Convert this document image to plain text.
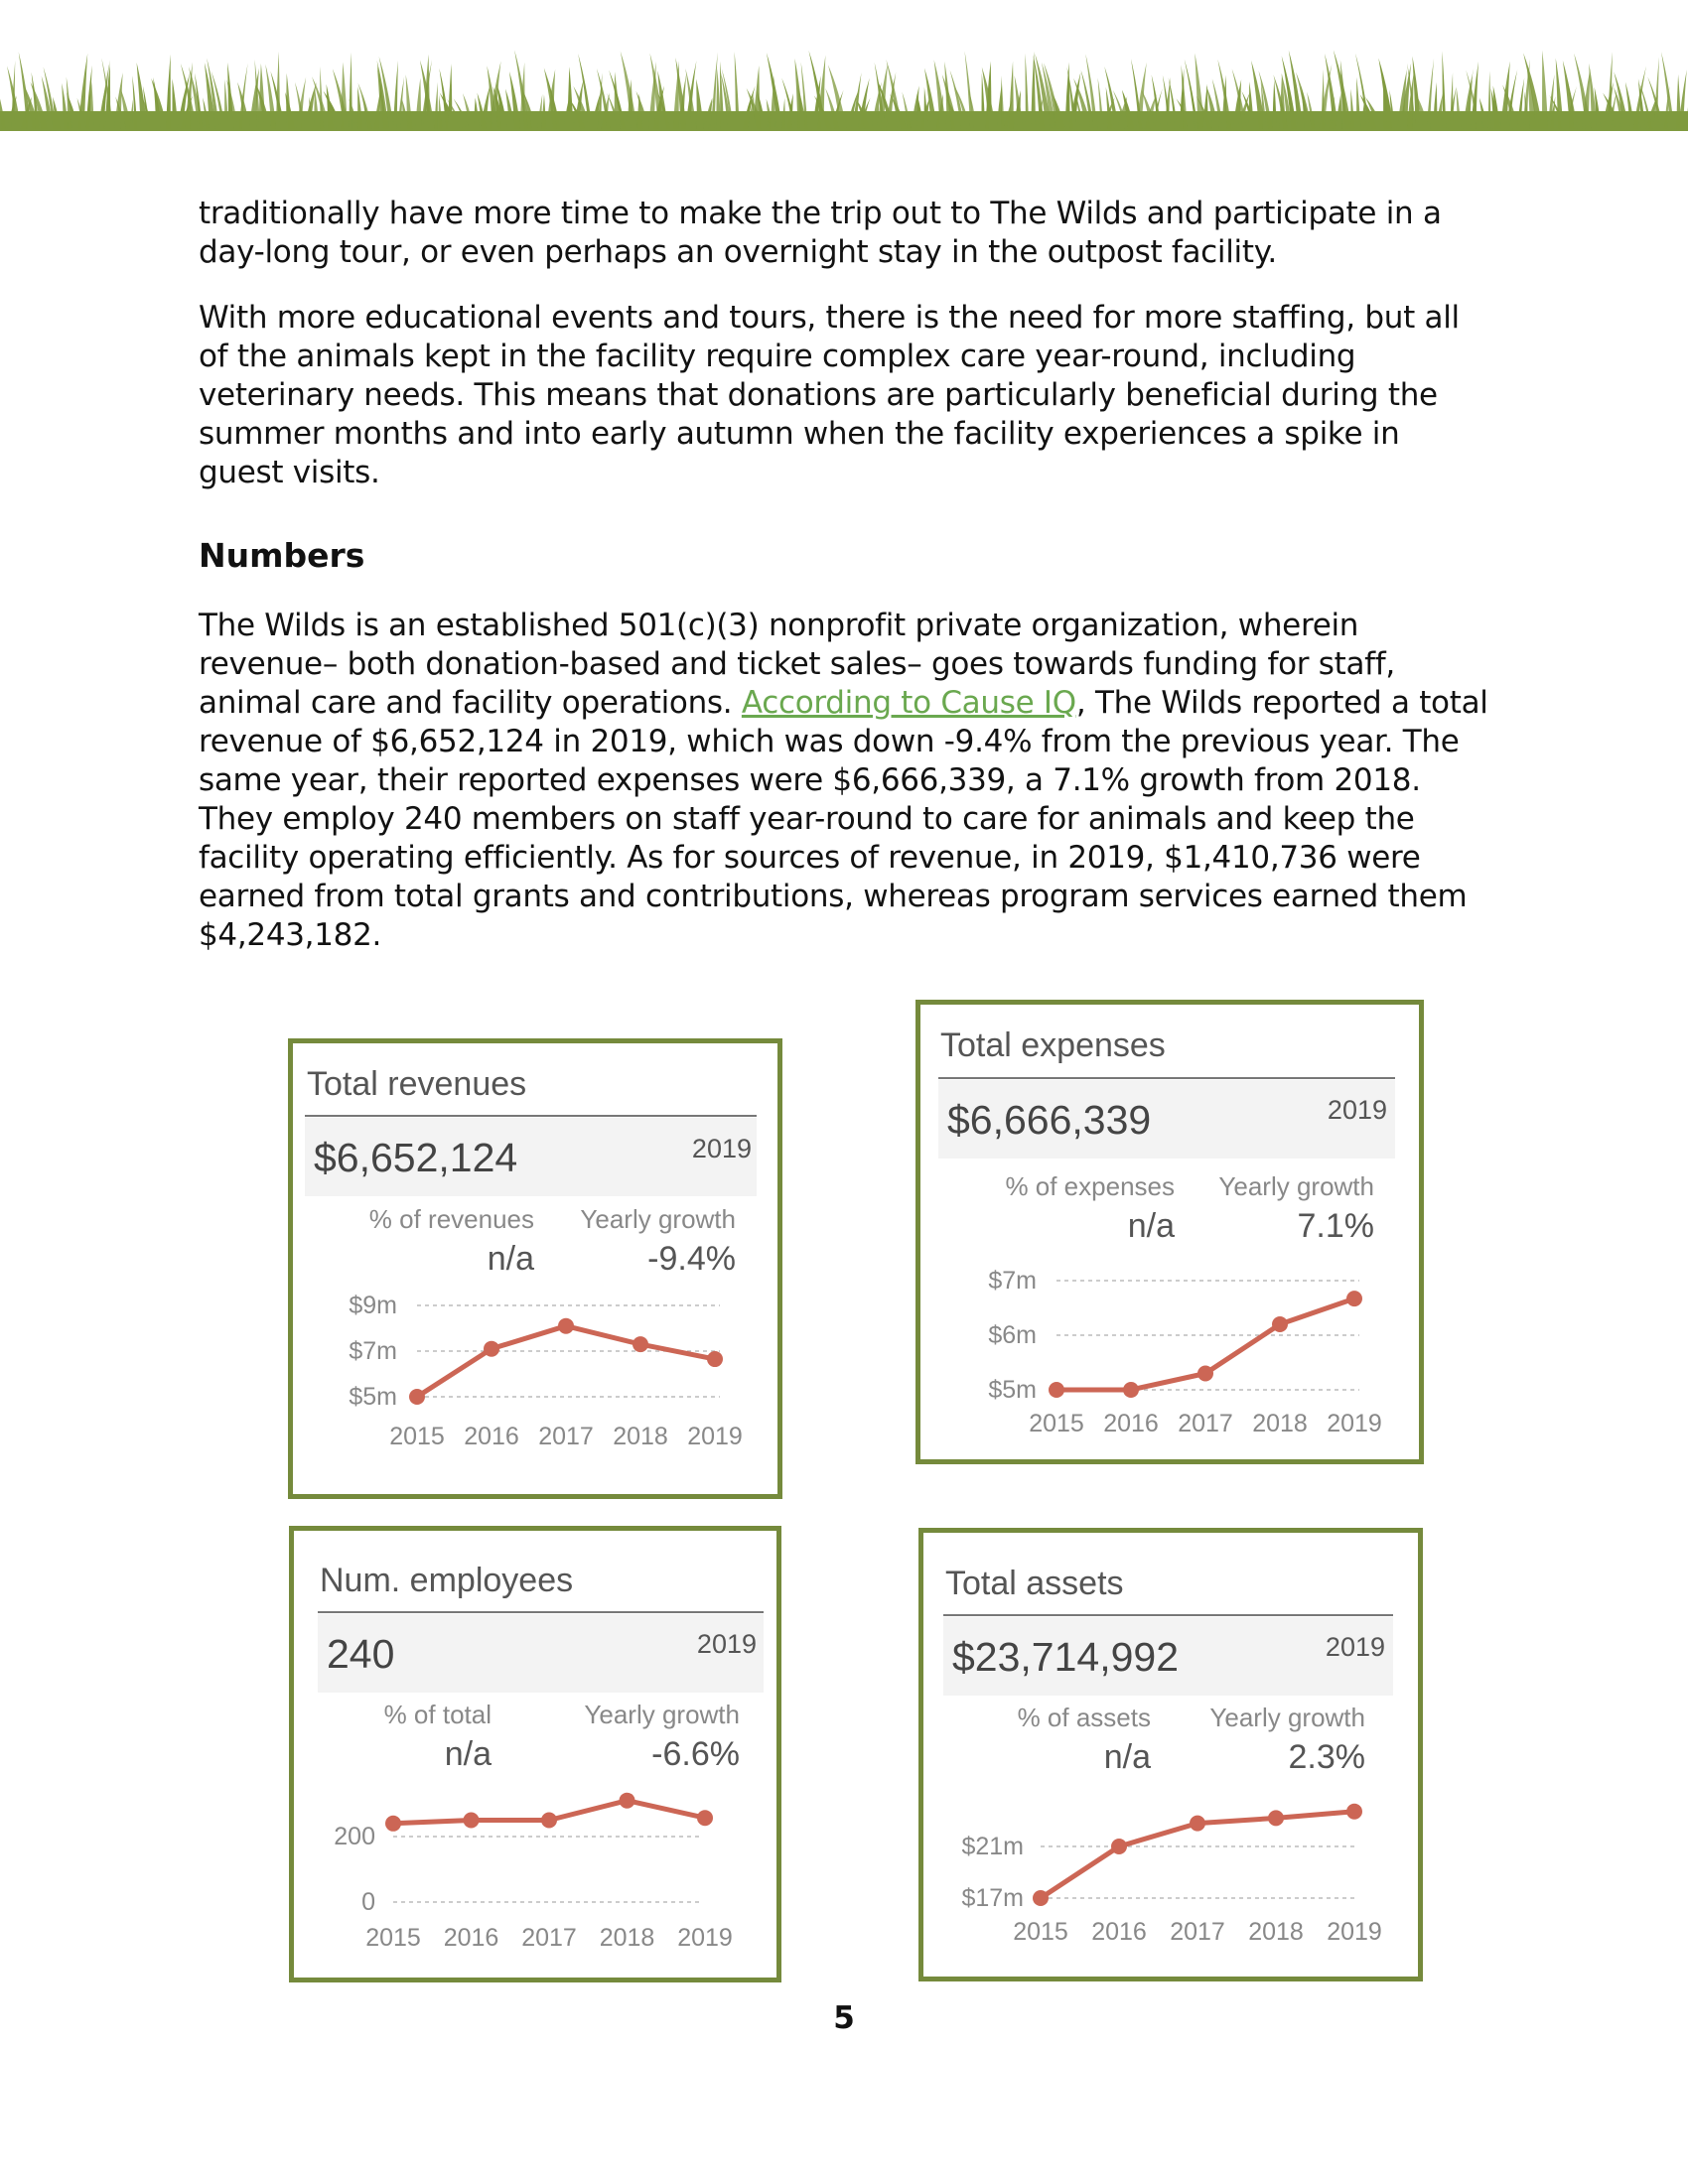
traditionally have more time to make the trip out to The Wilds and participate in a day-long tour, or even perhaps an overnight stay in the outpost facility.

With more educational events and tours, there is the need for more staffing, but all of the animals kept in the facility require complex care year-round, including veterinary needs. This means that donations are particularly beneficial during the summer months and into early autumn when the facility experiences a spike in guest visits.

Numbers

The Wilds is an established 501(c)(3) nonprofit private organization, wherein revenue– both donation-based and ticket sales– goes towards funding for staff, animal care and facility operations. According to Cause IQ, The Wilds reported a total revenue of $6,652,124 in 2019, which was down -9.4% from the previous year. The same year, their reported expenses were $6,666,339, a 7.1% growth from 2018. They employ 240 members on staff year-round to care for animals and keep the facility operating efficiently. As for sources of revenue, in 2019, $1,410,736 were earned from total grants and contributions, whereas program services earned them $4,243,182.

Total revenues
$6,652,124	2019
% of revenues Yearly growth
n/a	-9.4%
$9m
$7m
$5m
2015 2016 2017 2018 2019
Total expenses
$6,666,339	2019
% of expenses Yearly growth
n/a	7.1%
$7m
$6m
$5m
2015 2016 2017 2018 2019
Num. employees
240	2019
% of total	Yearly growth
n/a	-6.6%
200
0
2015 2016 2017 2018 2019
Total assets
$23,714,992	2019
% of assets Yearly growth
n/a	2.3%
$21m
$17m
2015 2016 2017 2018 2019
5
